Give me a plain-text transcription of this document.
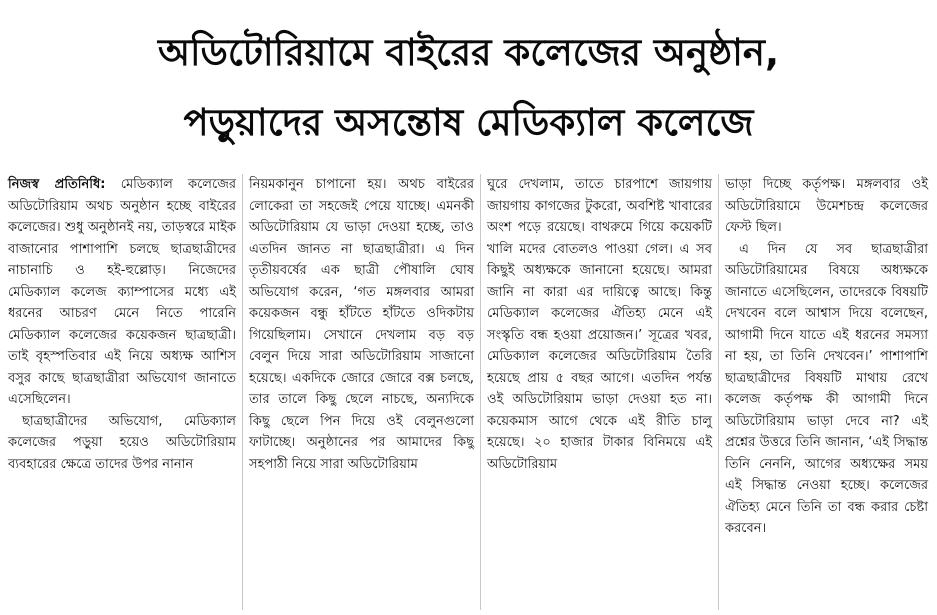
অডিটোরিয়ামে বাইরের কলেজের অনুষ্ঠান,
পড়ুয়াদের অসন্তোষ মেডিক্যাল কলেজে

নিজস্ব প্রতিনিধি: মেডিক্যাল কলেজের অডিটোরিয়াম অথচ অনুষ্ঠান হচ্ছে বাইরের কলেজের। শুধু অনুষ্ঠানই নয়, তাড়স্বরে মাইক বাজানোর পাশাপাশি চলছে ছাত্রছাত্রীদের নাচানাচি ও হই-হুল্লোড়। নিজেদের মেডিক্যাল কলেজ ক্যাম্পাসের মধ্যে এই ধরনের আচরণ মেনে নিতে পারেনি মেডিক্যাল কলেজের কয়েকজন ছাত্রছাত্রী। তাই বৃহস্পতিবার এই নিয়ে অধ্যক্ষ আশিস বসুর কাছে ছাত্রছাত্রীরা অভিযোগ জানাতে এসেছিলেন।

ছাত্রছাত্রীদের অভিযোগ, মেডিক্যাল কলেজের পড়ুয়া হয়েও অডিটোরিয়াম ব্যবহারের ক্ষেত্রে তাদের উপর নানান

নিয়মকানুন চাপানো হয়। অথচ বাইরের লোকেরা তা সহজেই পেয়ে যাচ্ছে। এমনকী অডিটোরিয়াম যে ভাড়া দেওয়া হচ্ছে, তাও এতদিন জানত না ছাত্রছাত্রীরা। এ দিন তৃতীয়বর্ষের এক ছাত্রী পৌষালি ঘোষ অভিযোগ করেন, ‘গত মঙ্গলবার আমরা কয়েকজন বন্ধু হাঁটতে হাঁটতে ওদিকটায় গিয়েছিলাম। সেখানে দেখলাম বড় বড় বেলুন দিয়ে সারা অডিটোরিয়াম সাজানো হয়েছে। একদিকে জোরে জোরে বক্স চলছে, তার তালে কিছু ছেলে নাচছে, অন্যদিকে কিছু ছেলে পিন দিয়ে ওই বেলুনগুলো ফাটাচ্ছে। অনুষ্ঠানের পর আমাদের কিছু সহপাঠী নিয়ে সারা অডিটোরিয়াম

ঘুরে দেখলাম, তাতে চারপাশে জায়গায় জায়গায় কাগজের টুকরো, অবশিষ্ট খাবারের অংশ পড়ে রয়েছে। বাথরুমে গিয়ে কয়েকটি খালি মদের বোতলও পাওয়া গেল। এ সব কিছুই অধ্যক্ষকে জানানো হয়েছে। আমরা জানি না কারা এর দায়িত্বে আছে। কিন্তু মেডিক্যাল কলেজের ঐতিহ্য মেনে এই সংস্কৃতি বন্ধ হওয়া প্রয়োজন।’ সূত্রের খবর, মেডিক্যাল কলেজের অডিটোরিয়াম তৈরি হয়েছে প্রায় ৫ বছর আগে। এতদিন পর্যন্ত ওই অডিটোরিয়াম ভাড়া দেওয়া হত না। কয়েকমাস আগে থেকে এই রীতি চালু হয়েছে। ২০ হাজার টাকার বিনিময়ে এই অডিটোরিয়াম

ভাড়া দিচ্ছে কর্তৃপক্ষ। মঙ্গলবার ওই অডিটোরিয়ামে উমেশচন্দ্র কলেজের ফেস্ট ছিল।

এ দিন যে সব ছাত্রছাত্রীরা অডিটোরিয়ামের বিষয়ে অধ্যক্ষকে জানাতে এসেছিলেন, তাদেরকে বিষয়টি দেখবেন বলে আশ্বাস দিয়ে বলেছেন, আগামী দিনে যাতে এই ধরনের সমস্যা না হয়, তা তিনি দেখবেন।’ পাশাপাশি ছাত্রছাত্রীদের বিষয়টি মাথায় রেখে কলেজ কর্তৃপক্ষ কী আগামী দিনে অডিটোরিয়াম ভাড়া দেবে না? এই প্রশ্নের উত্তরে তিনি জানান, ‘এই সিদ্ধান্ত তিনি নেননি, আগের অধ্যক্ষের সময় এই সিদ্ধান্ত নেওয়া হচ্ছে। কলেজের ঐতিহ্য মেনে তিনি তা বন্ধ করার চেষ্টা করবেন।
